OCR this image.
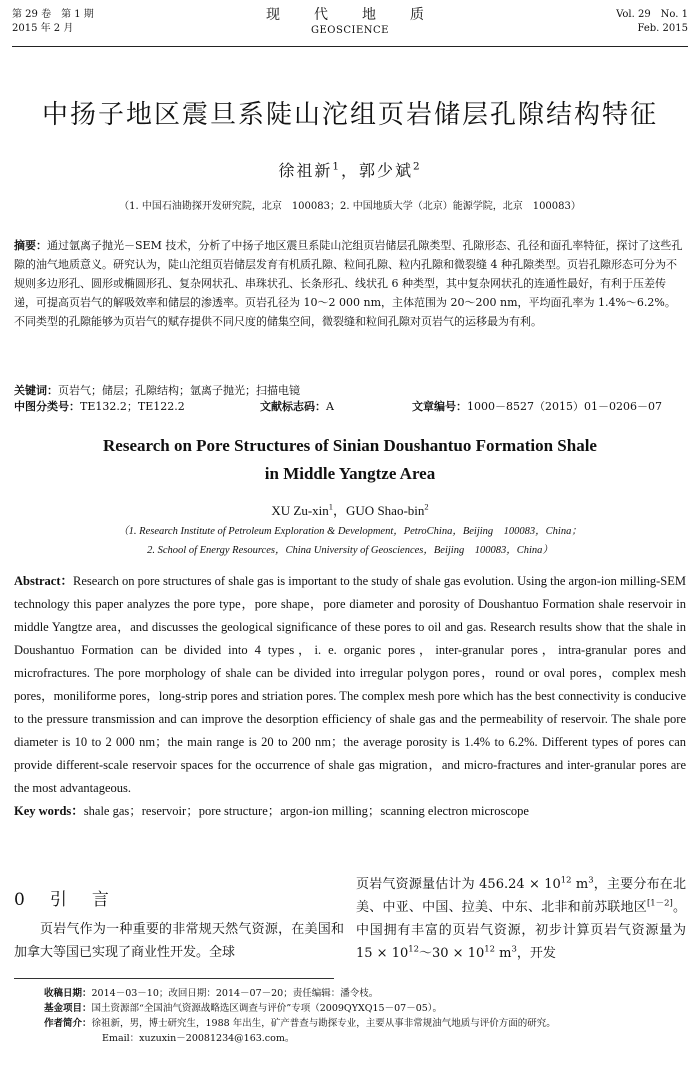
第 29 卷　第 1 期
2015 年 2 月
现　代　地　质
GEOSCIENCE
Vol. 29　No. 1
Feb. 2015
中扬子地区震旦系陡山沱组页岩储层孔隙结构特征
徐祖新$^1$，郭少斌$^2$
（1. 中国石油勘探开发研究院，北京　100083；2. 中国地质大学（北京）能源学院，北京　100083）
摘要：通过氩离子抛光－SEM 技术，分析了中扬子地区震旦系陡山沱组页岩储层孔隙类型、孔隙形态、孔径和面孔率特征，探讨了这些孔隙的油气地质意义。研究认为，陡山沱组页岩储层发育有机质孔隙、粒间孔隙、粒内孔隙和微裂缝 4 种孔隙类型。页岩孔隙形态可分为不规则多边形孔、圆形或椭圆形孔、复杂网状孔、串珠状孔、长条形孔、线状孔 6 种类型，其中复杂网状孔的连通性最好，有利于压差传递，可提高页岩气的解吸效率和储层的渗透率。页岩孔径为 10～2 000 nm，主体范围为 20～200 nm，平均面孔率为 1.4%～6.2%。不同类型的孔隙能够为页岩气的赋存提供不同尺度的储集空间，微裂缝和粒间孔隙对页岩气的运移最为有利。
关键词：页岩气；储层；孔隙结构；氩离子抛光；扫描电镜
中图分类号：TE132.2；TE122.2	文献标志码：A	文章编号：1000－8527（2015）01－0206－07
Research on Pore Structures of Sinian Doushantuo Formation Shale
in Middle Yangtze Area
XU Zu-xin$^1$，GUO Shao-bin$^2$
（1. Research Institute of Petroleum Exploration & Development，PetroChina，Beijing　100083，China；
2. School of Energy Resources，China University of Geosciences，Beijing　100083，China）
Abstract：Research on pore structures of shale gas is important to the study of shale gas evolution. Using the argon-ion milling-SEM technology this paper analyzes the pore type，pore shape，pore diameter and porosity of Doushantuo Formation shale reservoir in middle Yangtze area，and discusses the geological significance of these pores to oil and gas. Research results show that the shale in Doushantuo Formation can be divided into 4 types，i. e. organic pores，inter-granular pores，intra-granular pores and microfractures. The pore morphology of shale can be divided into irregular polygon pores，round or oval pores，complex mesh pores，moniliforme pores，long-strip pores and striation pores. The complex mesh pore which has the best connectivity is conducive to the pressure transmission and can improve the desorption efficiency of shale gas and the permeability of reservoir. The shale pore diameter is 10 to 2 000 nm；the main range is 20 to 200 nm；the average porosity is 1.4% to 6.2%. Different types of pores can provide different-scale reservoir spaces for the occurrence of shale gas migration，and micro-fractures and inter-granular pores are the most advantageous.
Key words：shale gas；reservoir；pore structure；argon-ion milling；scanning electron microscope
0　引　言
页岩气作为一种重要的非常规天然气资源，在美国和加拿大等国已实现了商业性开发。全球
页岩气资源量估计为 $456.24 \times 10^{12}$ $m^3$，主要分布在北美、中亚、中国、拉美、中东、北非和前苏联地区[1－2]。中国拥有丰富的页岩气资源，初步计算页岩气资源量为 $15 \times 10^{12}\sim 30 \times 10^{12}$ $m^3$，开发
收稿日期：2014－03－10；改回日期：2014－07－20；责任编辑：潘令枝。
基金项目：国土资源部“全国油气资源战略选区调查与评价”专项（2009QYXQ15－07－05）。
作者简介：徐祖新，男，博士研究生，1988 年出生，矿产普查与勘探专业，主要从事非常规油气地质与评价方面的研究。
Email：xuzuxin－20081234@163.com。
